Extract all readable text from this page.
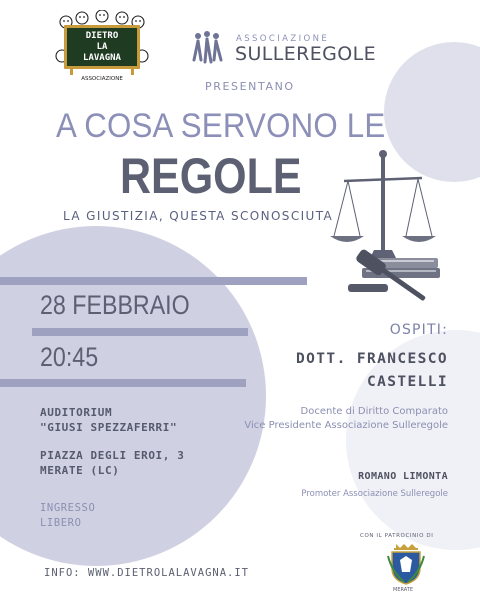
DIETRO
LA
LAVAGNA
ASSOCIAZIONE
ASSOCIAZIONE
SULLEREGOLE
PRESENTANO
A COSA SERVONO LE
REGOLE
LA GIUSTIZIA, QUESTA SCONOSCIUTA
28 FEBBRAIO
20:45
AUDITORIUM
"GIUSI SPEZZAFERRI"
PIAZZA DEGLI EROI, 3
MERATE (LC)
INGRESSO
LIBERO
OSPITI:
DOTT. FRANCESCO
CASTELLI
Docente di Diritto Comparato
Vice Presidente Associazione Sulleregole
ROMANO LIMONTA
Promoter Associazione Sulleregole
CON IL PATROCINIO DI
MERATE
INFO: WWW.DIETROLALAVAGNA.IT
